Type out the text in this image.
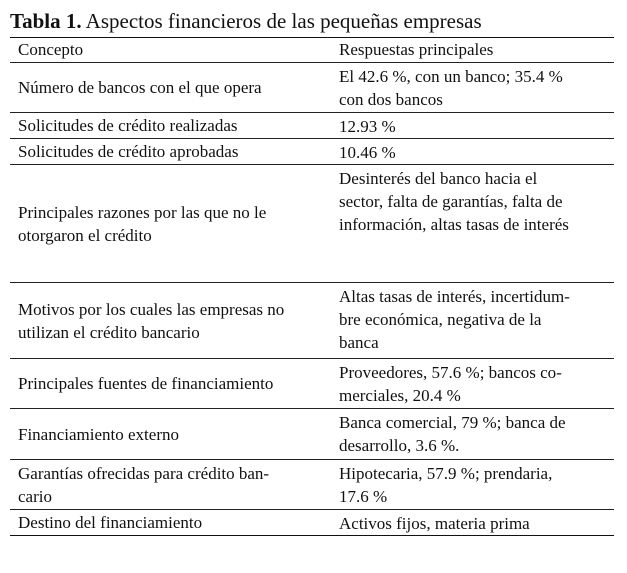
Tabla 1. Aspectos financieros de las pequeñas empresas
Concepto	Respuestas principales
Número de bancos con el que opera	El 42.6 %, con un banco; 35.4 %
con dos bancos
Solicitudes de crédito realizadas	12.93 %
Solicitudes de crédito aprobadas	10.46 %
Principales razones por las que no le
otorgaron el crédito	Desinterés del banco hacia el
sector, falta de garantías, falta de
información, altas tasas de interés
Motivos por los cuales las empresas no
utilizan el crédito bancario	Altas tasas de interés, incertidum-
bre económica, negativa de la
banca
Principales fuentes de financiamiento	Proveedores, 57.6 %; bancos co-
merciales, 20.4 %
Financiamiento externo	Banca comercial, 79 %; banca de
desarrollo, 3.6 %.
Garantías ofrecidas para crédito ban-
cario	Hipotecaria, 57.9 %; prendaria,
17.6 %
Destino del financiamiento	Activos fijos, materia prima
